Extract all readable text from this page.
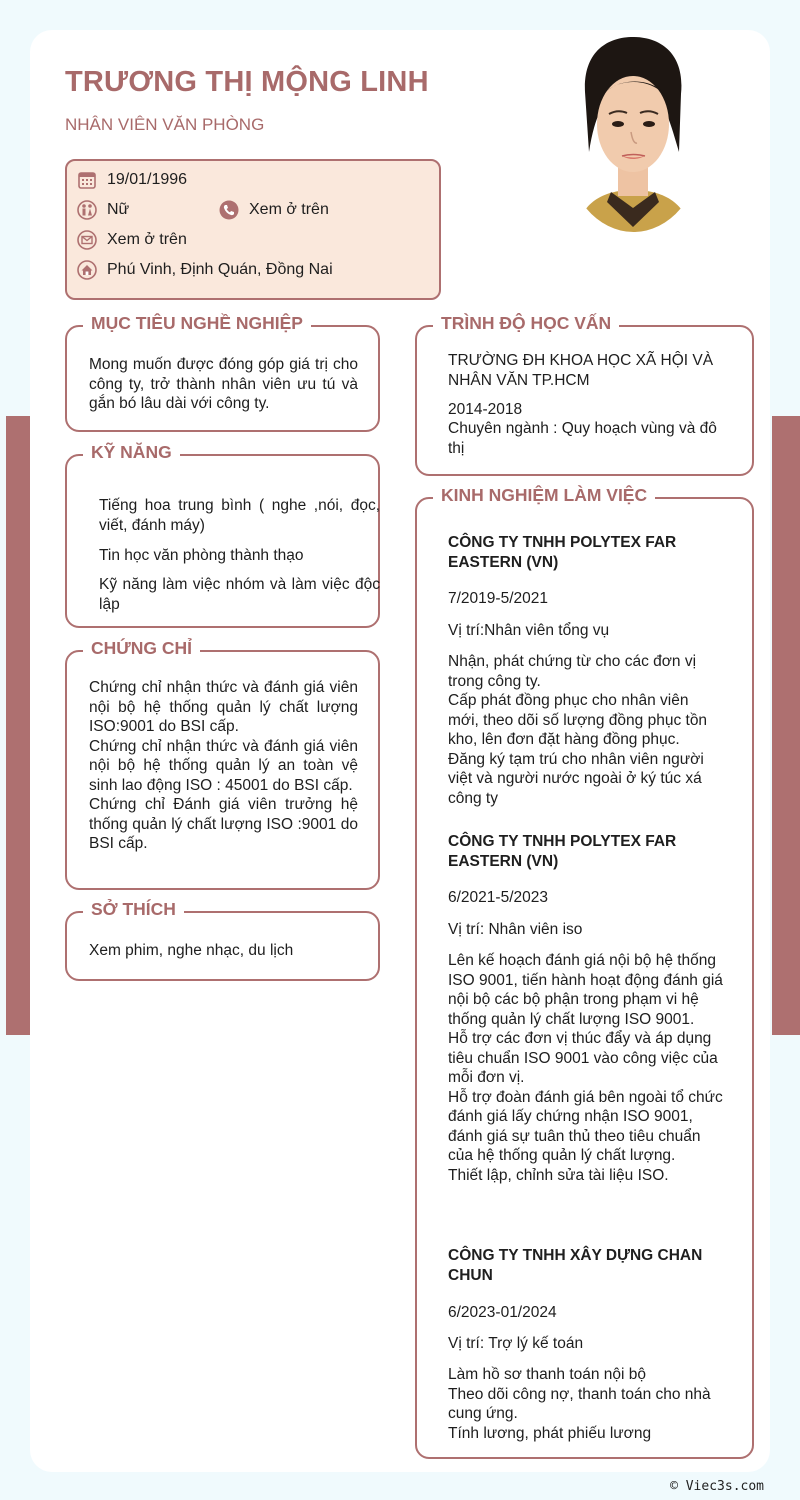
TRƯƠNG THỊ MỘNG LINH
NHÂN VIÊN VĂN PHÒNG
19/01/1996
Nữ	Xem ở trên
Xem ở trên
Phú Vinh, Định Quán, Đồng Nai
MỤC TIÊU NGHỀ NGHIỆP
Mong muốn được đóng góp giá trị cho công ty, trở thành nhân viên ưu tú và gắn bó lâu dài với công ty.
KỸ NĂNG
Tiếng hoa trung bình ( nghe ,nói, đọc, viết, đánh máy)
Tin học văn phòng thành thạo
Kỹ năng làm việc nhóm và làm việc độc lập
CHỨNG CHỈ
Chứng chỉ nhận thức và đánh giá viên nội bộ hệ thống quản lý chất lượng ISO:9001 do BSI cấp.
Chứng chỉ nhận thức và đánh giá viên nội bộ hệ thống quản lý an toàn vệ sinh lao động ISO : 45001 do BSI cấp.
Chứng chỉ Đánh giá viên trưởng hệ thống quản lý chất lượng ISO :9001 do BSI cấp.
SỞ THÍCH
Xem phim, nghe nhạc, du lịch
TRÌNH ĐỘ HỌC VẤN
TRƯỜNG ĐH KHOA HỌC XÃ HỘI VÀ NHÂN VĂN TP.HCM
2014-2018
Chuyên ngành : Quy hoạch vùng và đô thị
KINH NGHIỆM LÀM VIỆC
CÔNG TY TNHH POLYTEX FAR EASTERN (VN)
7/2019-5/2021
Vị trí:Nhân viên tổng vụ
Nhận, phát chứng từ cho các đơn vị trong công ty.
Cấp phát đồng phục cho nhân viên mới, theo dõi số lượng đồng phục tồn kho, lên đơn đặt hàng đồng phục.
Đăng ký tạm trú cho nhân viên người việt và người nước ngoài ở ký túc xá công ty
CÔNG TY TNHH POLYTEX FAR EASTERN (VN)
6/2021-5/2023
Vị trí: Nhân viên iso
Lên kế hoạch đánh giá nội bộ hệ thống ISO 9001, tiến hành hoạt động đánh giá nội bộ các bộ phận trong phạm vi hệ thống quản lý chất lượng ISO 9001.
Hỗ trợ các đơn vị thúc đẩy và áp dụng tiêu chuẩn ISO 9001 vào công việc của mỗi đơn vị.
Hỗ trợ đoàn đánh giá bên ngoài tổ chức đánh giá lấy chứng nhận ISO 9001, đánh giá sự tuân thủ theo tiêu chuẩn của hệ thống quản lý chất lượng.
Thiết lập, chỉnh sửa tài liệu ISO.
CÔNG TY TNHH XÂY DỰNG CHAN CHUN
6/2023-01/2024
Vị trí: Trợ lý kế toán
Làm hồ sơ thanh toán nội bộ
Theo dõi công nợ, thanh toán cho nhà cung ứng.
Tính lương, phát phiếu lương
© Viec3s.com
